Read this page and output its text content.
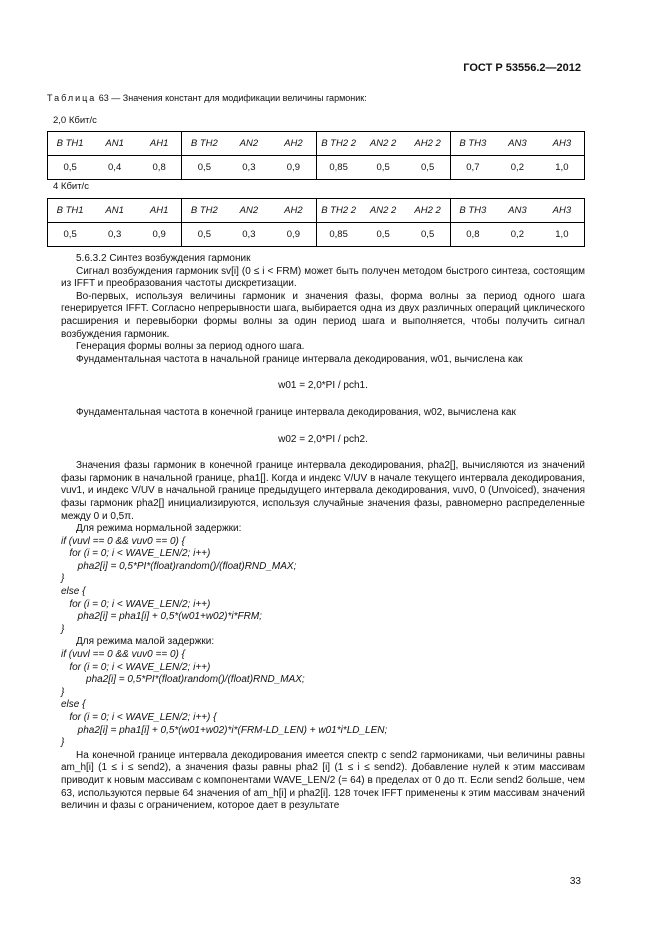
ГОСТ Р 53556.2—2012
Таблица 63 — Значения констант для модификации величины гармоник:
2,0 Кбит/с
B TH1	AN1	AH1	B TH2	AN2	AH2	B TH2 2	AN2 2	AH2 2	B TH3	AN3	AH3
0,5	0,4	0,8	0,5	0,3	0,9	0,85	0,5	0,5	0,7	0,2	1,0
4 Кбит/с
B TH1	AN1	AH1	B TH2	AN2	AH2	B TH2 2	AN2 2	AH2 2	B TH3	AN3	AH3
0,5	0,3	0,9	0,5	0,3	0,9	0,85	0,5	0,5	0,8	0,2	1,0

5.6.3.2 Синтез возбуждения гармоник

Сигнал возбуждения гармоник sv[i] (0 ≤ i < FRM) может быть получен методом быстрого синтеза, состоящим из IFFT и преобразования частоты дискретизации.

Во-первых, используя величины гармоник и значения фазы, форма волны за период одного шага генерируется IFFT. Согласно непрерывности шага, выбирается одна из двух различных операций циклического расширения и перевыборки формы волны за один период шага и выполняется, чтобы получить сигнал возбуждения гармоник.

Генерация формы волны за период одного шага.

Фундаментальная частота в начальной границе интервала декодирования, w01, вычислена как

w01 = 2,0*PI / pch1.

Фундаментальная частота в конечной границе интервала декодирования, w02, вычислена как

w02 = 2,0*PI / pch2.

Значения фазы гармоник в конечной границе интервала декодирования, pha2[], вычисляются из значений фазы гармоник в начальной границе, pha1[]. Когда и индекс V/UV в начале текущего интервала декодирования, vuv1, и индекс V/UV в начальной границе предыдущего интервала декодирования, vuv0, 0 (Unvoiced), значения фазы гармоник pha2[] инициализируются, используя случайные значения фазы, равномерно распределенные между 0 и 0,5π.

Для режима нормальной задержки:

if (vuvl == 0 && vuv0 == 0) {
for (i = 0; i < WAVE_LEN/2; i++)
pha2[i] = 0,5*PI*(float)random()/(float)RND_MAX;
}
else {
for (i = 0; i < WAVE_LEN/2; i++)
pha2[i] = pha1[i] + 0,5*(w01+w02)*i*FRM;
}

Для режима малой задержки:

if (vuvl == 0 && vuv0 == 0) {
for (i = 0; i < WAVE_LEN/2; i++)
pha2[i] = 0,5*PI*(float)random()/(float)RND_MAX;
}
else {
for (i = 0; i < WAVE_LEN/2; i++) {
pha2[i] = pha1[i] + 0,5*(w01+w02)*i*(FRM-LD_LEN) + w01*i*LD_LEN;
}

На конечной границе интервала декодирования имеется спектр с send2 гармониками, чьи величины равны am_h[i] (1 ≤ i ≤ send2), а значения фазы равны pha2 [i] (1 ≤ i ≤ send2). Добавление нулей к этим массивам приводит к новым массивам с компонентами WAVE_LEN/2 (= 64) в пределах от 0 до π. Если send2 больше, чем 63, используются первые 64 значения of am_h[i] и pha2[i]. 128 точек IFFT применены к этим массивам значений величин и фазы с ограничением, которое дает в результате

33
